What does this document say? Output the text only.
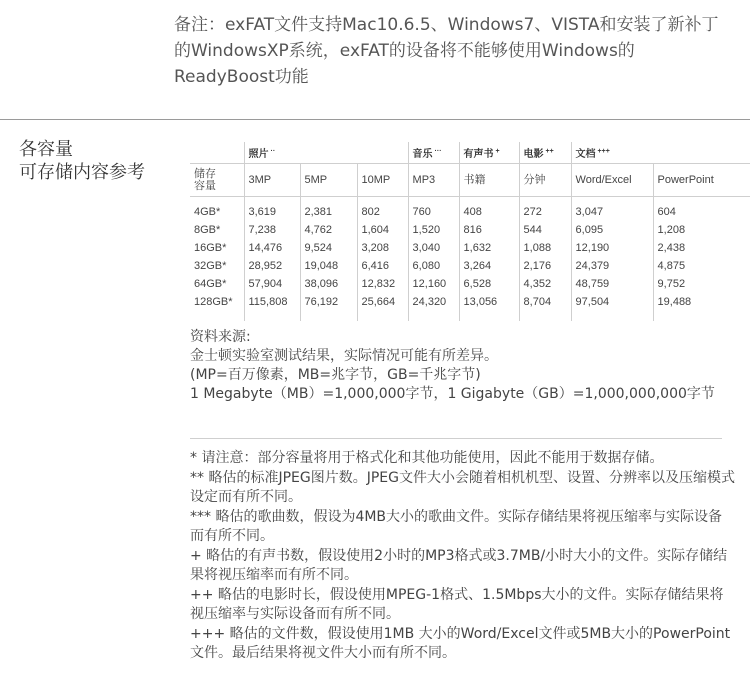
备注：exFAT文件支持Mac10.6.5、Windows7、VISTA和安装了新补丁的WindowsXP系统，exFAT的设备将不能够使用Windows的ReadyBoost功能
各容量
可存储内容参考
	照片 ··			音乐 ···	有声书 +	电影 ++	文档 +++
储存
容量	3MP	5MP	10MP	MP3	书籍	分钟	Word/Excel	PowerPoint
4GB*	3,619	2,381	802	760	408	272	3,047	604
8GB*	7,238	4,762	1,604	1,520	816	544	6,095	1,208
16GB*	14,476	9,524	3,208	3,040	1,632	1,088	12,190	2,438
32GB*	28,952	19,048	6,416	6,080	3,264	2,176	24,379	4,875
64GB*	57,904	38,096	12,832	12,160	6,528	4,352	48,759	9,752
128GB*	115,808	76,192	25,664	24,320	13,056	8,704	97,504	19,488
资料来源:
金士顿实验室测试结果，实际情况可能有所差异。
(MP=百万像素，MB=兆字节，GB=千兆字节)
1 Megabyte（MB）=1,000,000字节，1 Gigabyte（GB）=1,000,000,000字节
* 请注意：部分容量将用于格式化和其他功能使用，因此不能用于数据存储。
** 略估的标准JPEG图片数。JPEG文件大小会随着相机机型、设置、分辨率以及压缩模式设定而有所不同。
*** 略估的歌曲数，假设为4MB大小的歌曲文件。实际存储结果将视压缩率与实际设备而有所不同。
+ 略估的有声书数，假设使用2小时的MP3格式或3.7MB/小时大小的文件。实际存储结果将视压缩率而有所不同。
++ 略估的电影时长，假设使用MPEG-1格式、1.5Mbps大小的文件。实际存储结果将视压缩率与实际设备而有所不同。
+++ 略估的文件数，假设使用1MB 大小的Word/Excel文件或5MB大小的PowerPoint文件。最后结果将视文件大小而有所不同。
